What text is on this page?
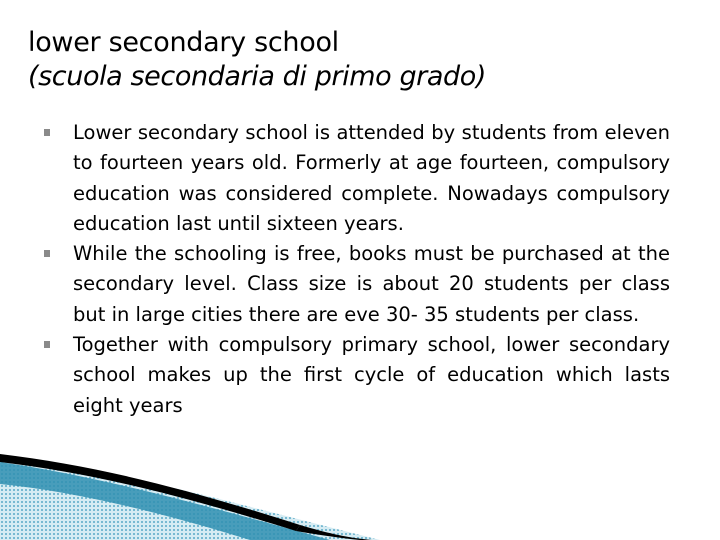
lower secondary school
(scuola secondaria di primo grado)
Lower secondary school is attended by students from eleven to fourteen years old. Formerly at age fourteen, compulsory education was considered complete. Nowadays compulsory education last until sixteen years.
While the schooling is free, books must be purchased at the secondary level. Class size is about 20 students per class but in large cities there are eve 30- 35 students per class.
Together with compulsory primary school, lower secondary school makes up the first cycle of education which lasts eight years
